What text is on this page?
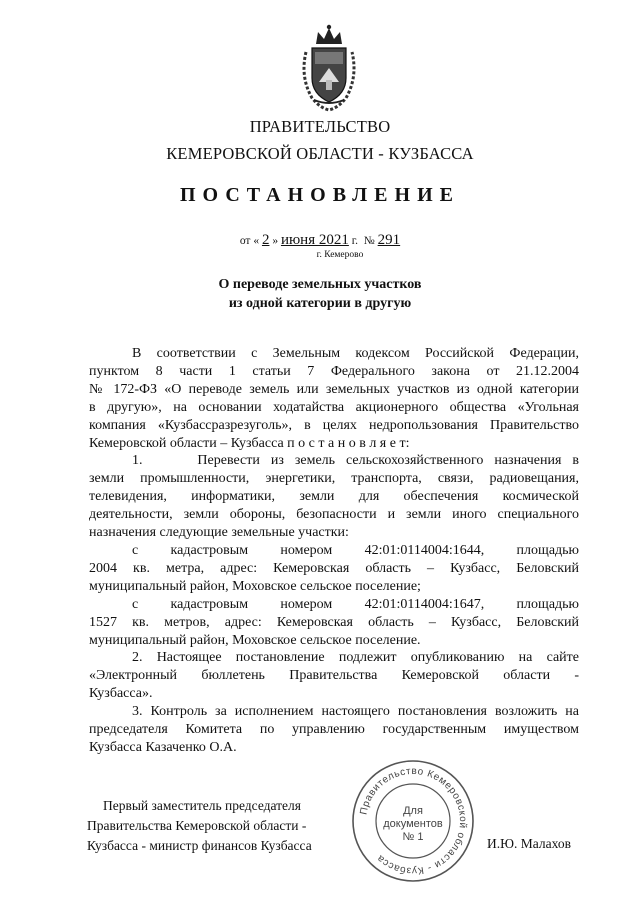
ПРАВИТЕЛЬСТВО
КЕМЕРОВСКОЙ ОБЛАСТИ - КУЗБАССА
ПОСТАНОВЛЕНИЕ
от « 2 » июня 2021 г. № 291
г. Кемерово
О переводе земельных участков
из одной категории в другую

В соответствии с Земельным кодексом Российской Федерации,

пунктом 8 части 1 статьи 7 Федерального закона от 21.12.2004

№ 172-ФЗ «О переводе земель или земельных участков из одной категории

в другую», на основании ходатайства акционерного общества «Угольная

компания «Кузбассразрезуголь», в целях недропользования Правительство

Кемеровской области – Кузбасса п о с т а н о в л я е т:

1.     Перевести из земель сельскохозяйственного назначения в

земли промышленности, энергетики, транспорта, связи, радиовещания,

телевидения, информатики, земли для обеспечения космической

деятельности, земли обороны, безопасности и земли иного специального

назначения следующие земельные участки:

с кадастровым номером 42:01:0114004:1644, площадью

2004 кв. метра, адрес: Кемеровская область – Кузбасс, Беловский

муниципальный район, Моховское сельское поселение;

с кадастровым номером 42:01:0114004:1647, площадью

1527 кв. метров, адрес: Кемеровская область – Кузбасс, Беловский

муниципальный район, Моховское сельское поселение.

2. Настоящее постановление подлежит опубликованию на сайте

«Электронный бюллетень Правительства Кемеровской области -

Кузбасса».

3. Контроль за исполнением настоящего постановления возложить на

председателя Комитета по управлению государственным имуществом

Кузбасса Казаченко О.А.

Первый заместитель председателя
Правительства Кемеровской области -
Кузбасса - министр финансов Кузбасса	И.Ю. Малахов
Правительство Кемеровской области - Кузбасса
Для
документов
№ 1
